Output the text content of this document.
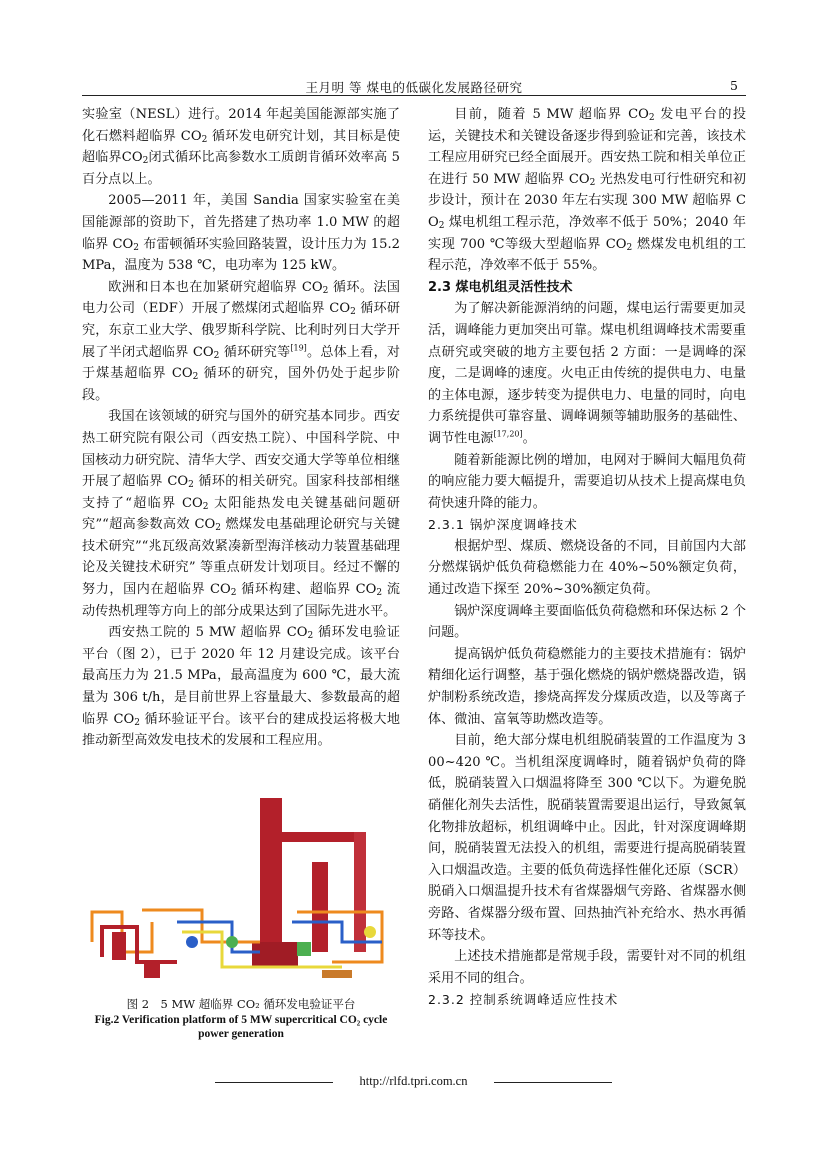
王月明 等 煤电的低碳化发展路径研究	5

实验室（NESL）进行。2014 年起美国能源部实施了化石燃料超临界 $CO_2$ 循环发电研究计划，其目标是使超临界$CO_2$闭式循环比高参数水工质朗肯循环效率高 5 百分点以上。

2005—2011 年，美国 Sandia 国家实验室在美国能源部的资助下，首先搭建了热功率 1.0 MW 的超临界 $CO_2$ 布雷顿循环实验回路装置，设计压力为 15.2 MPa，温度为 538 ℃，电功率为 125 kW。

欧洲和日本也在加紧研究超临界 $CO_2$ 循环。法国电力公司（EDF）开展了燃煤闭式超临界 $CO_2$ 循环研究，东京工业大学、俄罗斯科学院、比利时列日大学开展了半闭式超临界 $CO_2$ 循环研究等[19]。总体上看，对于煤基超临界 $CO_2$ 循环的研究，国外仍处于起步阶段。

我国在该领域的研究与国外的研究基本同步。西安热工研究院有限公司（西安热工院）、中国科学院、中国核动力研究院、清华大学、西安交通大学等单位相继开展了超临界 $CO_2$ 循环的相关研究。国家科技部相继支持了“超临界 $CO_2$ 太阳能热发电关键基础问题研究”“超高参数高效 $CO_2$ 燃煤发电基础理论研究与关键技术研究”“兆瓦级高效紧凑新型海洋核动力装置基础理论及关键技术研究” 等重点研发计划项目。经过不懈的努力，国内在超临界 $CO_2$ 循环构建、超临界 $CO_2$ 流动传热机理等方向上的部分成果达到了国际先进水平。

西安热工院的 5 MW 超临界 $CO_2$ 循环发电验证平台（图 2），已于 2020 年 12 月建设完成。该平台最高压力为 21.5 MPa，最高温度为 600 ℃，最大流量为 306 t/h，是目前世界上容量最大、参数最高的超临界 $CO_2$ 循环验证平台。该平台的建成投运将极大地推动新型高效发电技术的发展和工程应用。

目前，随着 5 MW 超临界 $CO_2$ 发电平台的投运，关键技术和关键设备逐步得到验证和完善，该技术工程应用研究已经全面展开。西安热工院和相关单位正在进行 50 MW 超临界 $CO_2$ 光热发电可行性研究和初步设计，预计在 2030 年左右实现 300 MW 超临界 $CO_2$ 煤电机组工程示范，净效率不低于 50%；2040 年实现 700 ℃等级大型超临界 $CO_2$ 燃煤发电机组的工程示范，净效率不低于 55%。

2.3 煤电机组灵活性技术

为了解决新能源消纳的问题，煤电运行需要更加灵活，调峰能力更加突出可靠。煤电机组调峰技术需要重点研究或突破的地方主要包括 2 方面：一是调峰的深度，二是调峰的速度。火电正由传统的提供电力、电量的主体电源，逐步转变为提供电力、电量的同时，向电力系统提供可靠容量、调峰调频等辅助服务的基础性、调节性电源[17,20]。

随着新能源比例的增加，电网对于瞬间大幅甩负荷的响应能力要大幅提升，需要追切从技术上提高煤电负荷快速升降的能力。

2.3.1 锅炉深度调峰技术

根据炉型、煤质、燃烧设备的不同，目前国内大部分燃煤锅炉低负荷稳燃能力在 40%~50%额定负荷，通过改造下探至 20%~30%额定负荷。

锅炉深度调峰主要面临低负荷稳燃和环保达标 2 个问题。

提高锅炉低负荷稳燃能力的主要技术措施有：锅炉精细化运行调整，基于强化燃烧的锅炉燃烧器改造，锅炉制粉系统改造，掺烧高挥发分煤质改造，以及等离子体、微油、富氧等助燃改造等。

目前，绝大部分煤电机组脱硝装置的工作温度为 300~420 ℃。当机组深度调峰时，随着锅炉负荷的降低，脱硝装置入口烟温将降至 300 ℃以下。为避免脱硝催化剂失去活性，脱硝装置需要退出运行，导致氮氧化物排放超标，机组调峰中止。因此，针对深度调峰期间，脱硝装置无法投入的机组，需要进行提高脱硝装置入口烟温改造。主要的低负荷选择性催化还原（SCR）脱硝入口烟温提升技术有省煤器烟气旁路、省煤器水侧旁路、省煤器分级布置、回热抽汽补充给水、热水再循环等技术。

上述技术措施都是常规手段，需要针对不同的机组采用不同的组合。

2.3.2 控制系统调峰适应性技术

图 2　5 MW 超临界 CO₂ 循环发电验证平台
Fig.2 Verification platform of 5 MW supercritical CO₂ cycle power generation
http://rlfd.tpri.com.cn
